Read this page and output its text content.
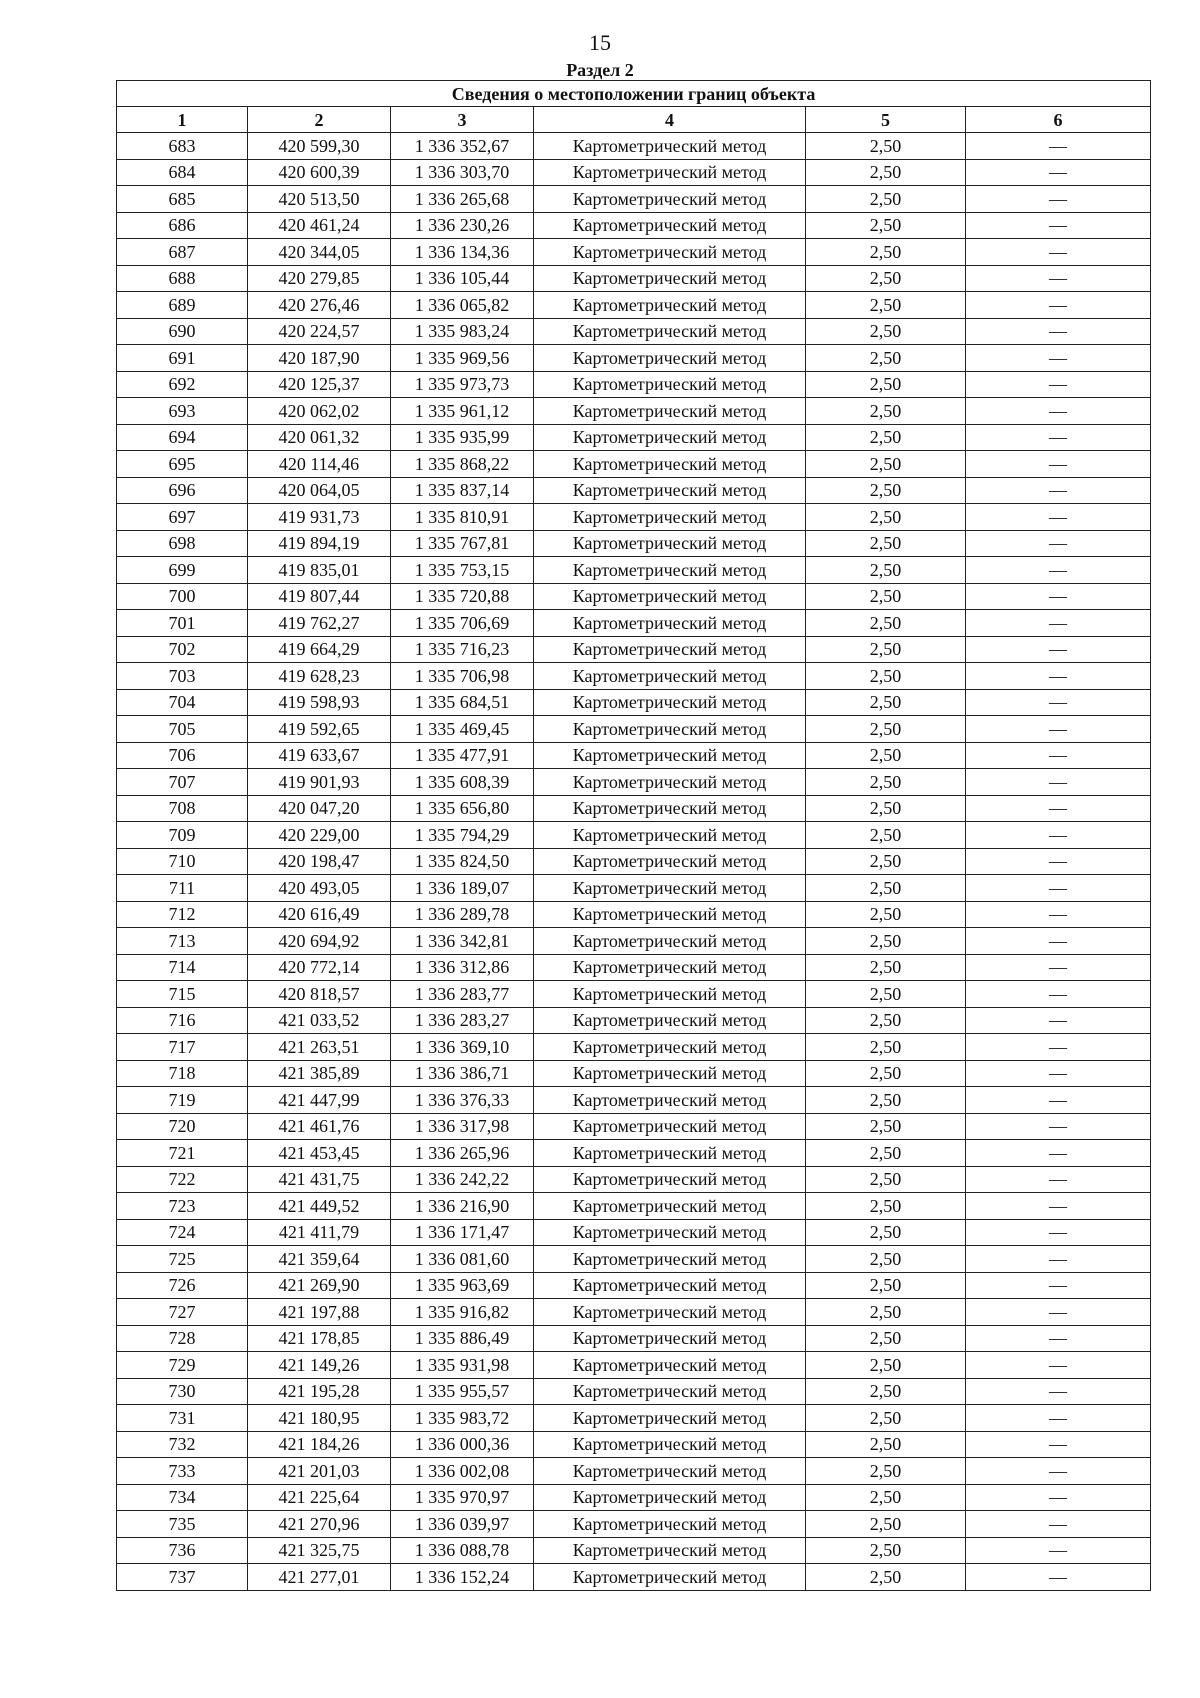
15
Раздел 2
Сведения о местоположении границ объекта					
1	2	3	4	5	6
683	420 599,30	1 336 352,67	Картометрический метод	2,50	—
684	420 600,39	1 336 303,70	Картометрический метод	2,50	—
685	420 513,50	1 336 265,68	Картометрический метод	2,50	—
686	420 461,24	1 336 230,26	Картометрический метод	2,50	—
687	420 344,05	1 336 134,36	Картометрический метод	2,50	—
688	420 279,85	1 336 105,44	Картометрический метод	2,50	—
689	420 276,46	1 336 065,82	Картометрический метод	2,50	—
690	420 224,57	1 335 983,24	Картометрический метод	2,50	—
691	420 187,90	1 335 969,56	Картометрический метод	2,50	—
692	420 125,37	1 335 973,73	Картометрический метод	2,50	—
693	420 062,02	1 335 961,12	Картометрический метод	2,50	—
694	420 061,32	1 335 935,99	Картометрический метод	2,50	—
695	420 114,46	1 335 868,22	Картометрический метод	2,50	—
696	420 064,05	1 335 837,14	Картометрический метод	2,50	—
697	419 931,73	1 335 810,91	Картометрический метод	2,50	—
698	419 894,19	1 335 767,81	Картометрический метод	2,50	—
699	419 835,01	1 335 753,15	Картометрический метод	2,50	—
700	419 807,44	1 335 720,88	Картометрический метод	2,50	—
701	419 762,27	1 335 706,69	Картометрический метод	2,50	—
702	419 664,29	1 335 716,23	Картометрический метод	2,50	—
703	419 628,23	1 335 706,98	Картометрический метод	2,50	—
704	419 598,93	1 335 684,51	Картометрический метод	2,50	—
705	419 592,65	1 335 469,45	Картометрический метод	2,50	—
706	419 633,67	1 335 477,91	Картометрический метод	2,50	—
707	419 901,93	1 335 608,39	Картометрический метод	2,50	—
708	420 047,20	1 335 656,80	Картометрический метод	2,50	—
709	420 229,00	1 335 794,29	Картометрический метод	2,50	—
710	420 198,47	1 335 824,50	Картометрический метод	2,50	—
711	420 493,05	1 336 189,07	Картометрический метод	2,50	—
712	420 616,49	1 336 289,78	Картометрический метод	2,50	—
713	420 694,92	1 336 342,81	Картометрический метод	2,50	—
714	420 772,14	1 336 312,86	Картометрический метод	2,50	—
715	420 818,57	1 336 283,77	Картометрический метод	2,50	—
716	421 033,52	1 336 283,27	Картометрический метод	2,50	—
717	421 263,51	1 336 369,10	Картометрический метод	2,50	—
718	421 385,89	1 336 386,71	Картометрический метод	2,50	—
719	421 447,99	1 336 376,33	Картометрический метод	2,50	—
720	421 461,76	1 336 317,98	Картометрический метод	2,50	—
721	421 453,45	1 336 265,96	Картометрический метод	2,50	—
722	421 431,75	1 336 242,22	Картометрический метод	2,50	—
723	421 449,52	1 336 216,90	Картометрический метод	2,50	—
724	421 411,79	1 336 171,47	Картометрический метод	2,50	—
725	421 359,64	1 336 081,60	Картометрический метод	2,50	—
726	421 269,90	1 335 963,69	Картометрический метод	2,50	—
727	421 197,88	1 335 916,82	Картометрический метод	2,50	—
728	421 178,85	1 335 886,49	Картометрический метод	2,50	—
729	421 149,26	1 335 931,98	Картометрический метод	2,50	—
730	421 195,28	1 335 955,57	Картометрический метод	2,50	—
731	421 180,95	1 335 983,72	Картометрический метод	2,50	—
732	421 184,26	1 336 000,36	Картометрический метод	2,50	—
733	421 201,03	1 336 002,08	Картометрический метод	2,50	—
734	421 225,64	1 335 970,97	Картометрический метод	2,50	—
735	421 270,96	1 336 039,97	Картометрический метод	2,50	—
736	421 325,75	1 336 088,78	Картометрический метод	2,50	—
737	421 277,01	1 336 152,24	Картометрический метод	2,50	—
